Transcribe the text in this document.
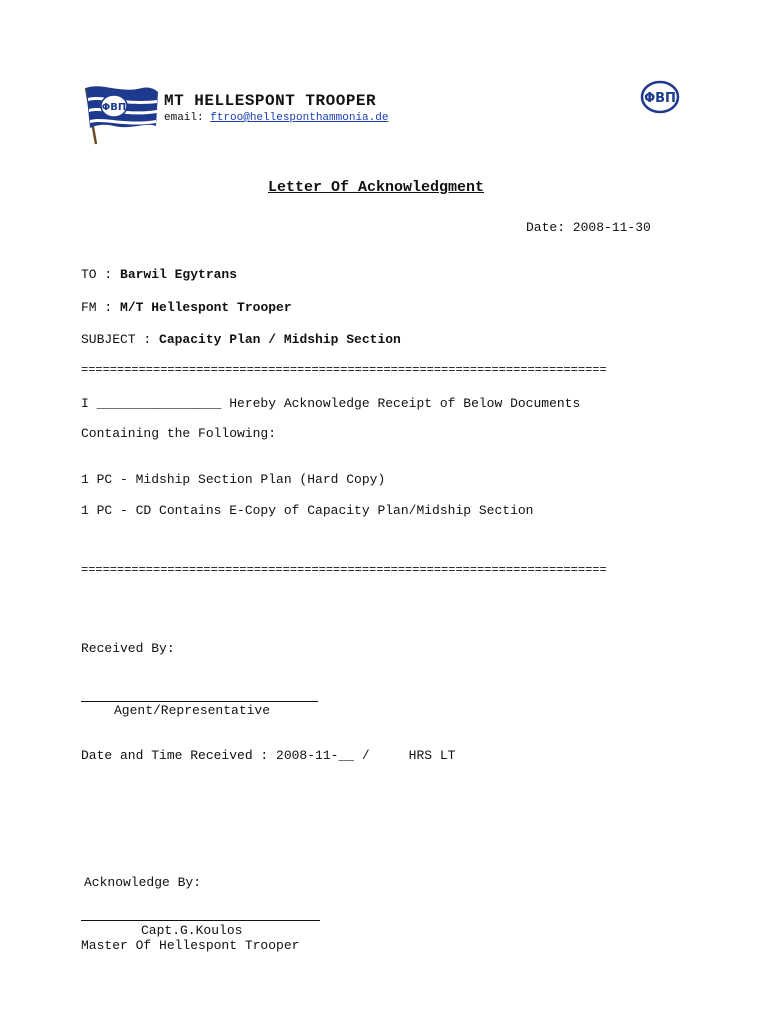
ΦΒΠ MT HELLESPONT TROOPER
email: ftroo@hellesponthammonia.de
ΦΒΠ
Letter Of Acknowledgment
Date: 2008-11-30
TO : Barwil Egytrans
FM : M/T Hellespont Trooper
SUBJECT : Capacity Plan / Midship Section
=========================================================================
I ________________ Hereby Acknowledge Receipt of Below Documents
Containing the Following:
1 PC - Midship Section Plan (Hard Copy)
1 PC - CD Contains E-Copy of Capacity Plan/Midship Section
=========================================================================
Received By:
Agent/Representative
Date and Time Received : 2008-11-__ /     HRS LT
Acknowledge By:
Capt.G.Koulos
Master Of Hellespont Trooper
